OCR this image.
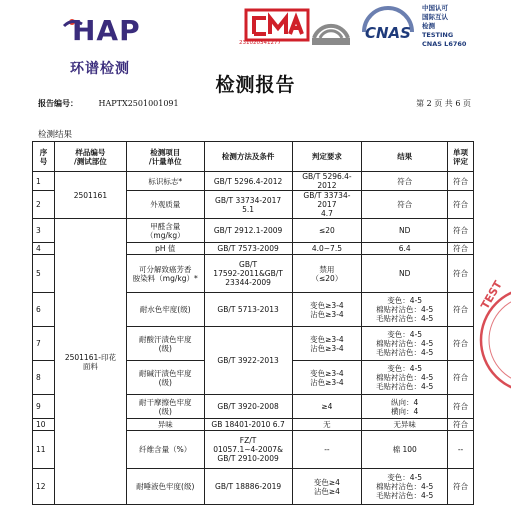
HAP
环谱检测
231020341277
CNAS
中国认可
国际互认
检测
TESTING
CNAS L6760
检测报告
报告编号：	HAPTX2501001091	第 2 页 共 6 页
检测结果
序
号	样品编号
/测试部位	检测项目
/计量单位	检测方法及条件	判定要求	结果	单项
评定
1	2501161	标识标志*	GB/T 5296.4-2012	GB/T 5296.4-2012	符合	符合
2		外观质量	GB/T 33734-2017
5.1	GB/T 33734-2017
4.7	符合	符合
3	2501161-印花
面料	甲醛含量
（mg/kg）	GB/T 2912.1-2009	≤20	ND	符合
4		pH 值	GB/T 7573-2009	4.0~7.5	6.4	符合
5		可分解致癌芳香
胺染料（mg/kg）*	GB/T
17592-2011&GB/T
23344-2009	禁用
（≤20）	ND	符合
6		耐水色牢度(级)	GB/T 5713-2013	变色≥3-4
沾色≥3-4	变色：4-5
棉贴衬沾色：4-5
毛贴衬沾色：4-5	符合
7		耐酸汗渍色牢度
(级)	GB/T 3922-2013	变色≥3-4
沾色≥3-4	变色：4-5
棉贴衬沾色：4-5
毛贴衬沾色：4-5	符合
8		耐碱汗渍色牢度
(级)		变色≥3-4
沾色≥3-4	变色：4-5
棉贴衬沾色：4-5
毛贴衬沾色：4-5	符合
9		耐干摩擦色牢度
(级)	GB/T 3920-2008	≥4	纵向：4
横向：4	符合
10		异味	GB 18401-2010 6.7	无	无异味	符合
11		纤维含量（%）	FZ/T
01057.1~4-2007&
GB/T 2910-2009	--	棉 100	--
12		耐唾液色牢度(级)	GB/T 18886-2019	变色≥4
沾色≥4	变色：4-5
棉贴衬沾色：4-5
毛贴衬沾色：4-5	符合
TEST
